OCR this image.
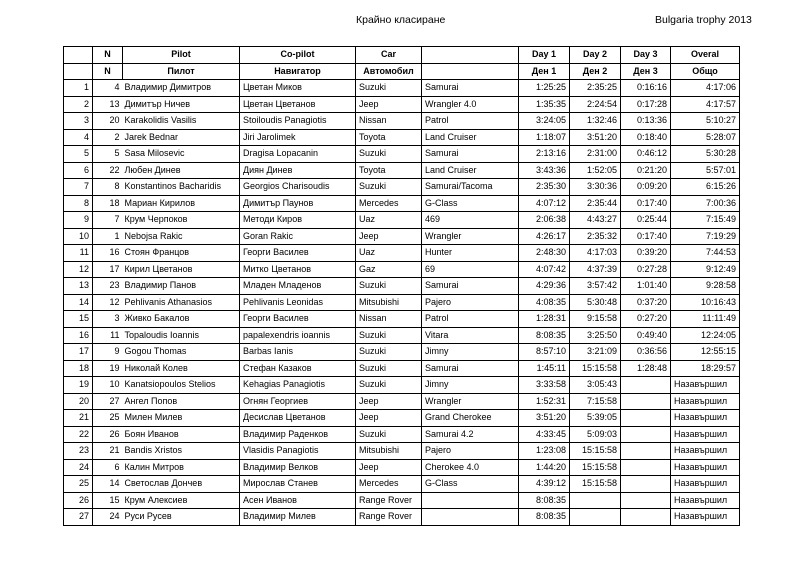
Крайно класиране	Bulgaria trophy 2013
	N	Pilot	Co-pilot	Car		Day 1	Day 2	Day 3	Overal
	N	Пилот	Навигатор	Автомобил		Ден 1	Ден 2	Ден 3	Общо
1	4	Владимир Димитров	Цветан Миков	Suzuki	Samurai	1:25:25	2:35:25	0:16:16	4:17:06
2	13	Димитър Ничев	Цветан Цветанов	Jeep	Wrangler 4.0	1:35:35	2:24:54	0:17:28	4:17:57
3	20	Karakolidis Vasilis	Stoiloudis Panagiotis	Nissan	Patrol	3:24:05	1:32:46	0:13:36	5:10:27
4	2	Jarek Bednar	Jiri Jarolimek	Toyota	Land Cruiser	1:18:07	3:51:20	0:18:40	5:28:07
5	5	Sasa Milosevic	Dragisa Lopacanin	Suzuki	Samurai	2:13:16	2:31:00	0:46:12	5:30:28
6	22	Любен Динев	Диян Динев	Toyota	Land Cruiser	3:43:36	1:52:05	0:21:20	5:57:01
7	8	Konstantinos Bacharidis	Georgios Charisoudis	Suzuki	Samurai/Tacoma	2:35:30	3:30:36	0:09:20	6:15:26
8	18	Мариан Кирилов	Димитър Паунов	Mercedes	G-Class	4:07:12	2:35:44	0:17:40	7:00:36
9	7	Крум Черпоков	Методи Киров	Uaz	469	2:06:38	4:43:27	0:25:44	7:15:49
10	1	Nebojsa Rakic	Goran Rakic	Jeep	Wrangler	4:26:17	2:35:32	0:17:40	7:19:29
11	16	Стоян Францов	Георги Василев	Uaz	Hunter	2:48:30	4:17:03	0:39:20	7:44:53
12	17	Кирил Цветанов	Митко Цветанов	Gaz	69	4:07:42	4:37:39	0:27:28	9:12:49
13	23	Владимир Панов	Младен Младенов	Suzuki	Samurai	4:29:36	3:57:42	1:01:40	9:28:58
14	12	Pehlivanis Athanasios	Pehlivanis Leonidas	Mitsubishi	Pajero	4:08:35	5:30:48	0:37:20	10:16:43
15	3	Живко Бакалов	Георги Василев	Nissan	Patrol	1:28:31	9:15:58	0:27:20	11:11:49
16	11	Topaloudis Ioannis	papalexendris ioannis	Suzuki	Vitara	8:08:35	3:25:50	0:49:40	12:24:05
17	9	Gogou Thomas	Barbas Ianis	Suzuki	Jimny	8:57:10	3:21:09	0:36:56	12:55:15
18	19	Николай Колев	Стефан Казаков	Suzuki	Samurai	1:45:11	15:15:58	1:28:48	18:29:57
19	10	Kanatsiopoulos Stelios	Kehagias Panagiotis	Suzuki	Jimny	3:33:58	3:05:43		Назавършил
20	27	Ангел Попов	Огнян Георгиев	Jeep	Wrangler	1:52:31	7:15:58		Назавършил
21	25	Милен Милев	Десислав Цветанов	Jeep	Grand Cherokee	3:51:20	5:39:05		Назавършил
22	26	Боян Иванов	Владимир Раденков	Suzuki	Samurai 4.2	4:33:45	5:09:03		Назавършил
23	21	Bandis Xristos	Vlasidis Panagiotis	Mitsubishi	Pajero	1:23:08	15:15:58		Назавършил
24	6	Калин Митров	Владимир Велков	Jeep	Cherokee 4.0	1:44:20	15:15:58		Назавършил
25	14	Светослав Дончев	Мирослав Станев	Mercedes	G-Class	4:39:12	15:15:58		Назавършил
26	15	Крум Алексиев	Асен Иванов	Range Rover		8:08:35			Назавършил
27	24	Руси Русев	Владимир Милев	Range Rover		8:08:35			Назавършил
